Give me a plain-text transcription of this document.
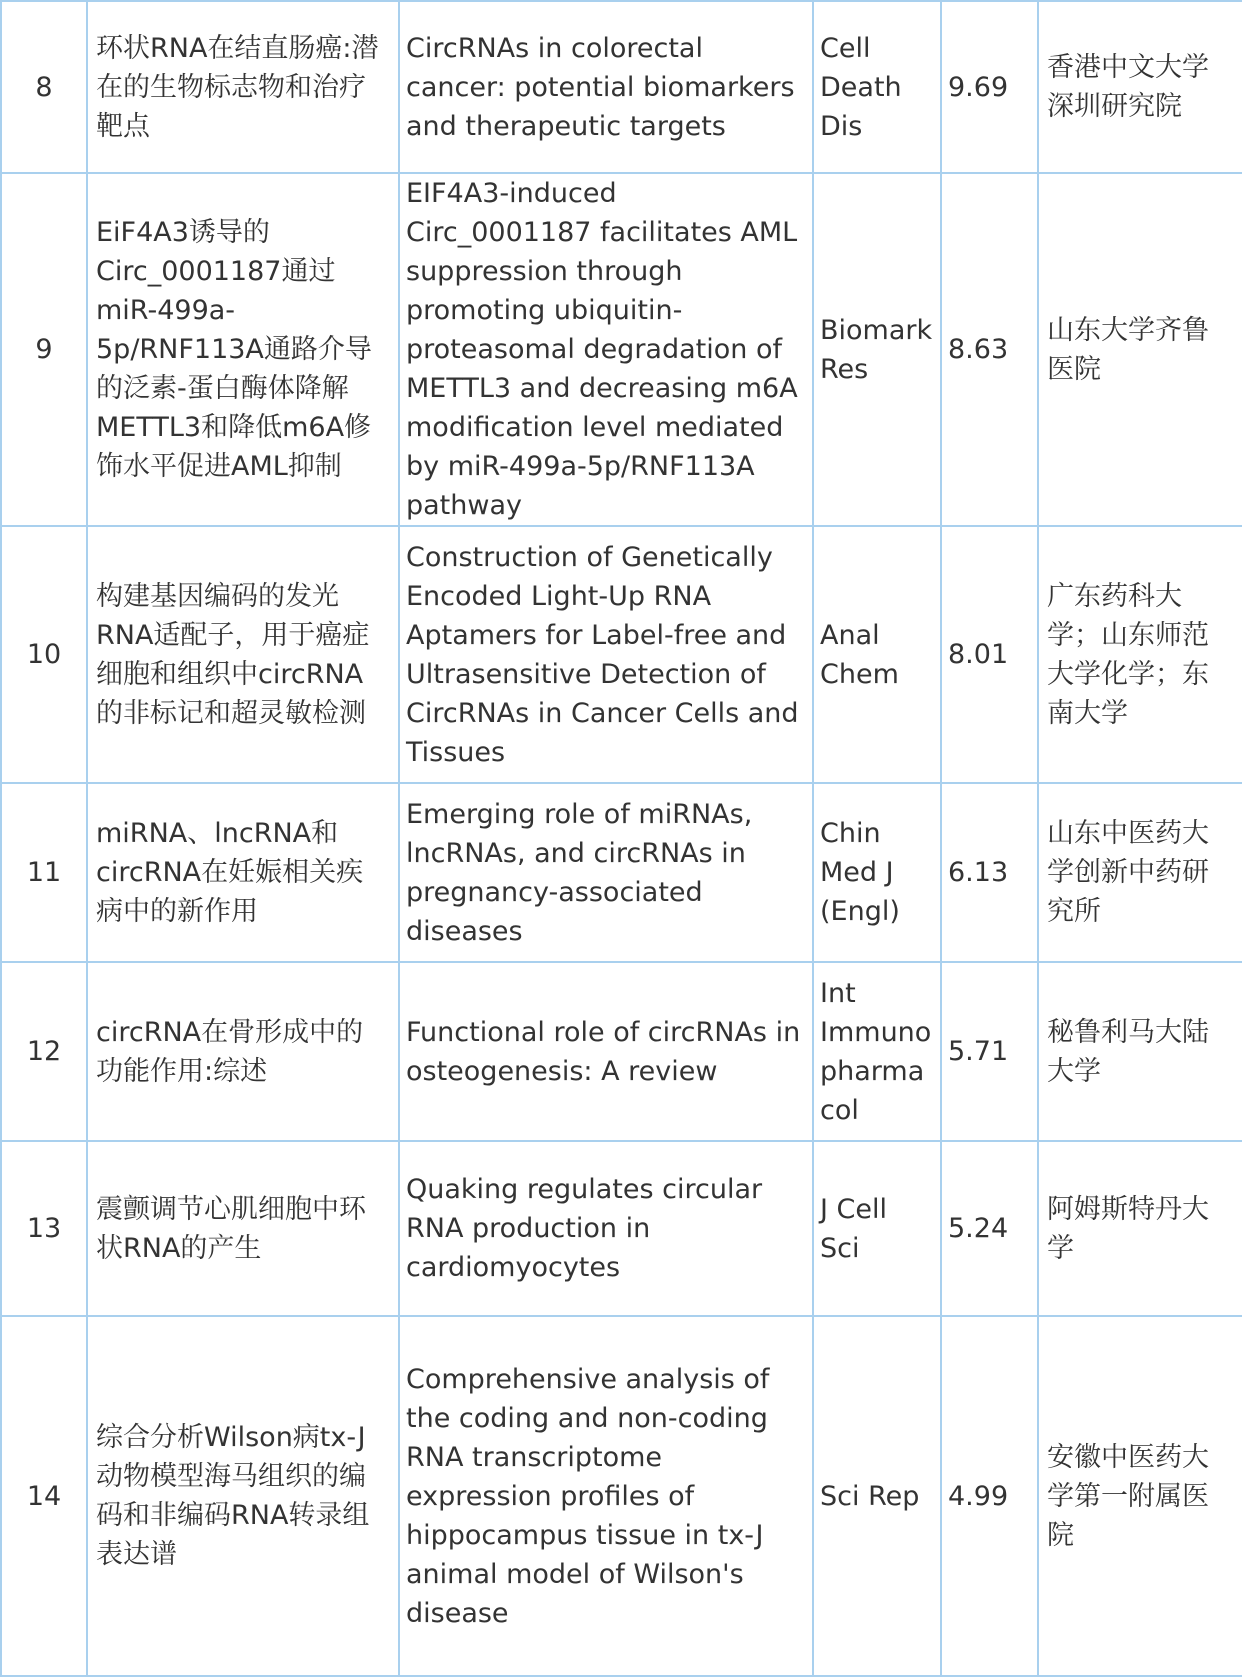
8	环状RNA在结直肠癌:潜在的生物标志物和治疗靶点	CircRNAs in colorectal cancer: potential biomarkers and therapeutic targets	Cell Death Dis	9.69	香港中文大学深圳研究院
9	EiF4A3诱导的Circ_0001187通过miR-499a-5p/RNF113A通路介导的泛素-蛋白酶体降解METTL3和降低m6A修饰水平促进AML抑制	EIF4A3-induced Circ_0001187 facilitates AML suppression through promoting ubiquitin-proteasomal degradation of METTL3 and decreasing m6A modification level mediated by miR-499a-5p/RNF113A pathway	Biomark Res	8.63	山东大学齐鲁医院
10	构建基因编码的发光RNA适配子，用于癌症细胞和组织中circRNA的非标记和超灵敏检测	Construction of Genetically Encoded Light-Up RNA Aptamers for Label-free and Ultrasensitive Detection of CircRNAs in Cancer Cells and Tissues	Anal Chem	8.01	广东药科大学；山东师范大学化学；东南大学
11	miRNA、lncRNA和circRNA在妊娠相关疾病中的新作用	Emerging role of miRNAs, lncRNAs, and circRNAs in pregnancy-associated diseases	Chin Med J (Engl)	6.13	山东中医药大学创新中药研究所
12	circRNA在骨形成中的功能作用:综述	Functional role of circRNAs in osteogenesis: A review	Int Immunopharmacol	5.71	秘鲁利马大陆大学
13	震颤调节心肌细胞中环状RNA的产生	Quaking regulates circular RNA production in cardiomyocytes	J Cell Sci	5.24	阿姆斯特丹大学
14	综合分析Wilson病tx-J动物模型海马组织的编码和非编码RNA转录组表达谱	Comprehensive analysis of the coding and non-coding RNA transcriptome expression profiles of hippocampus tissue in tx-J animal model of Wilson's disease	Sci Rep	4.99	安徽中医药大学第一附属医院
